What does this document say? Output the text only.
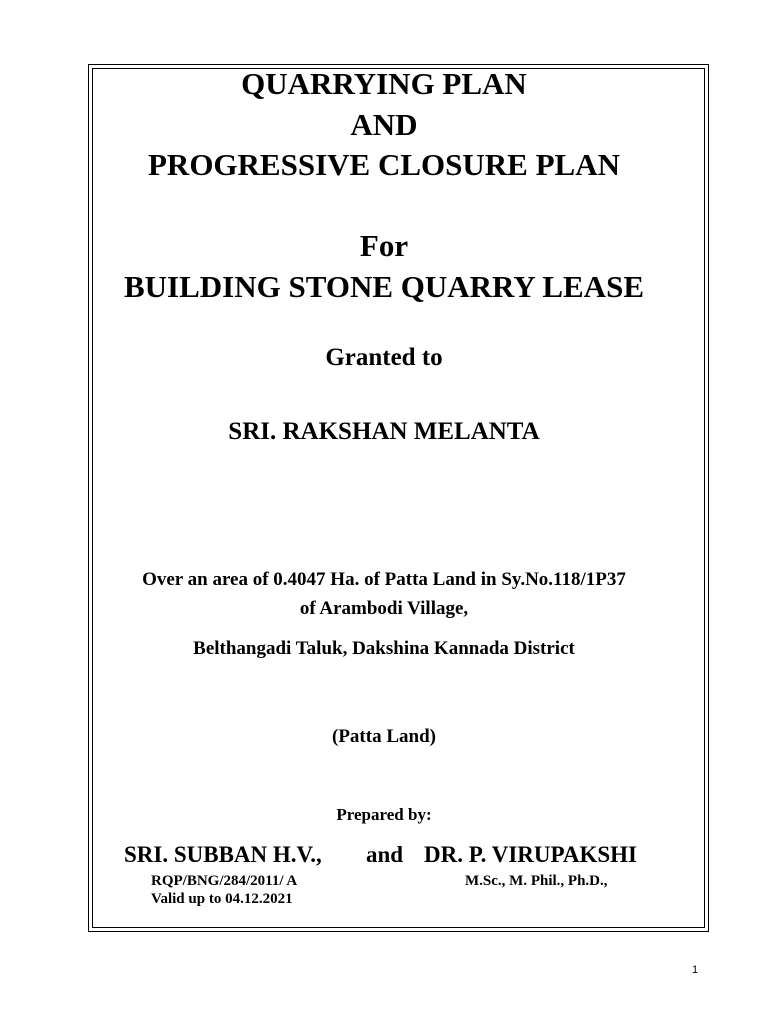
QUARRYING PLAN
AND
PROGRESSIVE CLOSURE PLAN
For
BUILDING STONE QUARRY LEASE
Granted to
SRI. RAKSHAN MELANTA
Over an area of 0.4047 Ha. of Patta Land in Sy.No.118/1P37
of Arambodi Village,
Belthangadi Taluk, Dakshina Kannada District
(Patta Land)
Prepared by:
SRI. SUBBAN H.V., and DR. P. VIRUPAKSHI
RQP/BNG/284/2011/ A	M.Sc., M. Phil., Ph.D.,
Valid up to 04.12.2021
1
